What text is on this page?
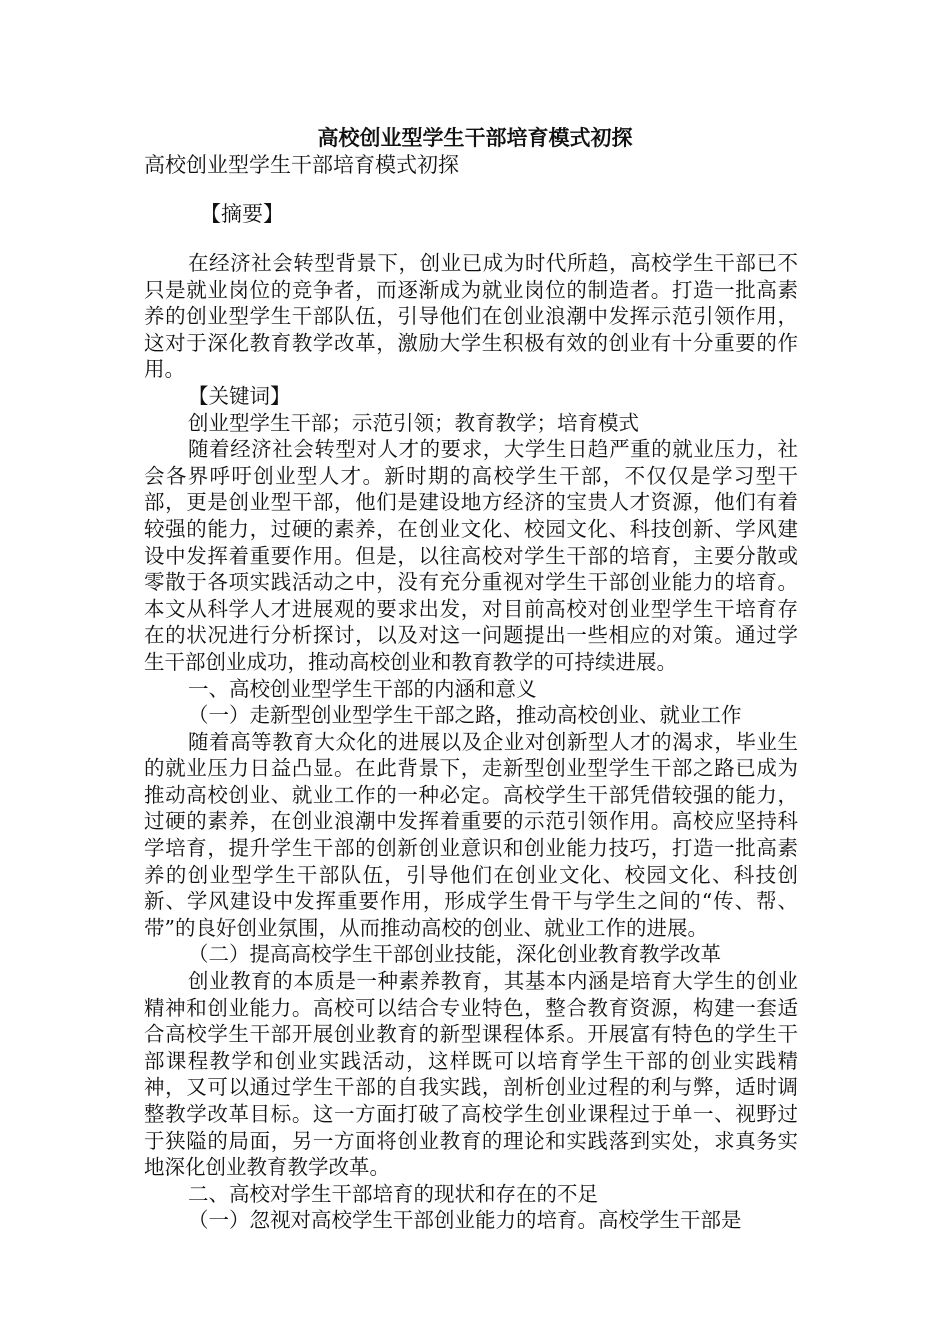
高校创业型学生干部培育模式初探
高校创业型学生干部培育模式初探
【摘要】

在经济社会转型背景下，创业已成为时代所趋，高校学生干部已不只是就业岗位的竞争者，而逐渐成为就业岗位的制造者。打造一批高素养的创业型学生干部队伍，引导他们在创业浪潮中发挥示范引领作用，这对于深化教育教学改革，激励大学生积极有效的创业有十分重要的作用。

【关键词】

创业型学生干部；示范引领；教育教学；培育模式

随着经济社会转型对人才的要求，大学生日趋严重的就业压力，社会各界呼吁创业型人才。新时期的高校学生干部，不仅仅是学习型干部，更是创业型干部，他们是建设地方经济的宝贵人才资源，他们有着较强的能力，过硬的素养，在创业文化、校园文化、科技创新、学风建设中发挥着重要作用。但是，以往高校对学生干部的培育，主要分散或零散于各项实践活动之中，没有充分重视对学生干部创业能力的培育。本文从科学人才进展观的要求出发，对目前高校对创业型学生干培育存在的状况进行分析探讨，以及对这一问题提出一些相应的对策。通过学生干部创业成功，推动高校创业和教育教学的可持续进展。

一、高校创业型学生干部的内涵和意义

（一）走新型创业型学生干部之路，推动高校创业、就业工作

随着高等教育大众化的进展以及企业对创新型人才的渴求，毕业生的就业压力日益凸显。在此背景下，走新型创业型学生干部之路已成为推动高校创业、就业工作的一种必定。高校学生干部凭借较强的能力，过硬的素养，在创业浪潮中发挥着重要的示范引领作用。高校应坚持科学培育，提升学生干部的创新创业意识和创业能力技巧，打造一批高素养的创业型学生干部队伍，引导他们在创业文化、校园文化、科技创新、学风建设中发挥重要作用，形成学生骨干与学生之间的“传、帮、带”的良好创业氛围，从而推动高校的创业、就业工作的进展。

（二）提高高校学生干部创业技能，深化创业教育教学改革

创业教育的本质是一种素养教育，其基本内涵是培育大学生的创业精神和创业能力。高校可以结合专业特色，整合教育资源，构建一套适合高校学生干部开展创业教育的新型课程体系。开展富有特色的学生干部课程教学和创业实践活动，这样既可以培育学生干部的创业实践精神，又可以通过学生干部的自我实践，剖析创业过程的利与弊，适时调整教学改革目标。这一方面打破了高校学生创业课程过于单一、视野过于狭隘的局面，另一方面将创业教育的理论和实践落到实处，求真务实地深化创业教育教学改革。

二、高校对学生干部培育的现状和存在的不足

（一）忽视对高校学生干部创业能力的培育。高校学生干部是
